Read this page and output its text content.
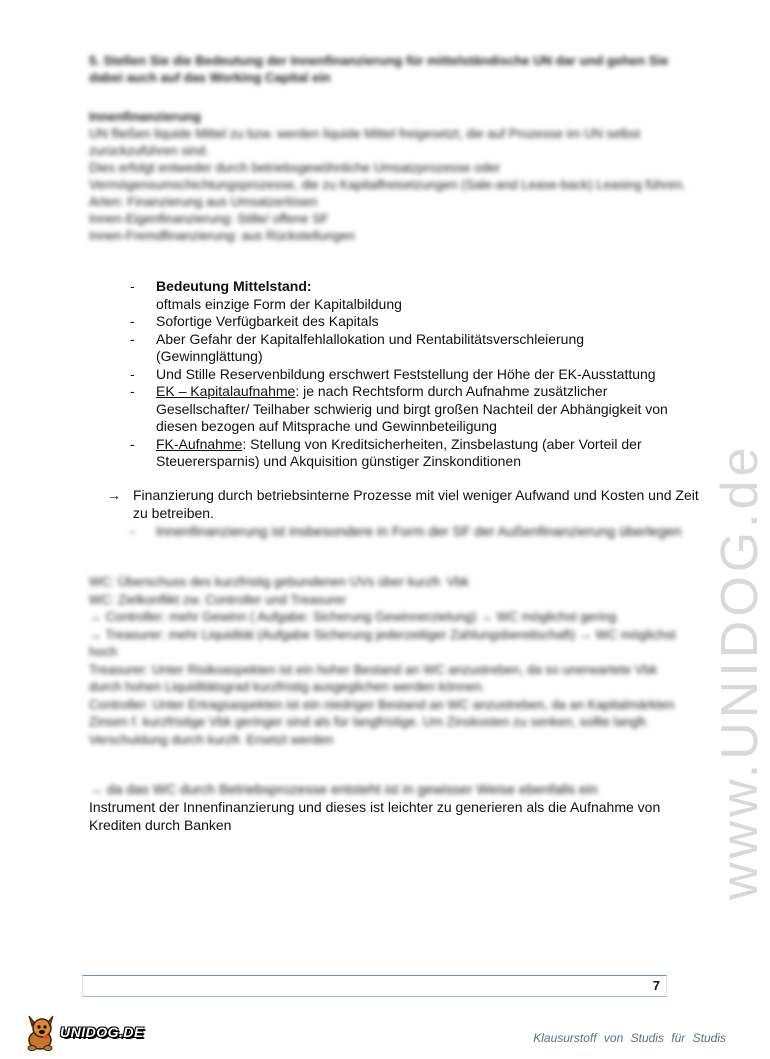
5. Stellen Sie die Bedeutung der Innenfinanzierung für mittelständische UN dar und gehen Sie dabei auch auf das Working Capital ein
Innenfinanzierung
UN fließen liquide Mittel zu bzw. werden liquide Mittel freigesetzt, die auf Prozesse im UN selbst zurückzuführen sind.
Dies erfolgt entweder durch betriebsgewöhnliche Umsatzprozesse oder Vermögensumschichtungsprozesse, die zu Kapitalfreisetzungen (Sale-and Lease-back) Leasing führen.
Arten: Finanzierung aus Umsatzerlösen
Innen-Eigenfinanzierung: Stille/ offene SF
Innen-Fremdfinanzierung: aus Rückstellungen
- Bedeutung Mittelstand:
oftmals einzige Form der Kapitalbildung
- Sofortige Verfügbarkeit des Kapitals
- Aber Gefahr der Kapitalfehlallokation und Rentabilitätsverschleierung (Gewinnglättung)
- Und Stille Reservenbildung erschwert Feststellung der Höhe der EK-Ausstattung
- EK – Kapitalaufnahme: je nach Rechtsform durch Aufnahme zusätzlicher Gesellschafter/ Teilhaber schwierig und birgt großen Nachteil der Abhängigkeit von diesen bezogen auf Mitsprache und Gewinnbeteiligung
- FK-Aufnahme: Stellung von Kreditsicherheiten, Zinsbelastung (aber Vorteil der Steuerersparnis) und Akquisition günstiger Zinskonditionen
→ Finanzierung durch betriebsinterne Prozesse mit viel weniger Aufwand und Kosten und Zeit zu betreiben.
- Innenfinanzierung ist insbesondere in Form der SF der Außenfinanzierung überlegen
WC: Überschuss des kurzfristig gebundenen UVs über kurzfr. Vbk
WC: Zielkonflikt zw. Controller und Treasurer
→ Controller: mehr Gewinn ( Aufgabe: Sicherung Gewinnerzielung) → WC möglichst gering
→ Treasurer: mehr Liquidität (Aufgabe Sicherung jederzeitiger Zahlungsbereitschaft) → WC möglichst hoch
Treasurer: Unter Risikoaspekten ist ein hoher Bestand an WC anzustreben, da so unerwartete Vbk durch hohen Liquiditätsgrad kurzfristig ausgeglichen werden können.
Controller: Unter Ertragsaspekten ist ein niedriger Bestand an WC anzustreben, da an Kapitalmärkten Zinsen f. kurzfristige Vbk geringer sind als für langfristige. Um Zinskosten zu senken, sollte langfr. Verschuldung durch kurzfr. Ersetzt werden
→ da das WC durch Betriebsprozesse entsteht ist in gewisser Weise ebenfalls ein
Instrument der Innenfinanzierung und dieses ist leichter zu generieren als die Aufnahme von Krediten durch Banken	www.UNIDOG.de
7
UNIDOG.DE	Klausurstoff von Studis für Studis
